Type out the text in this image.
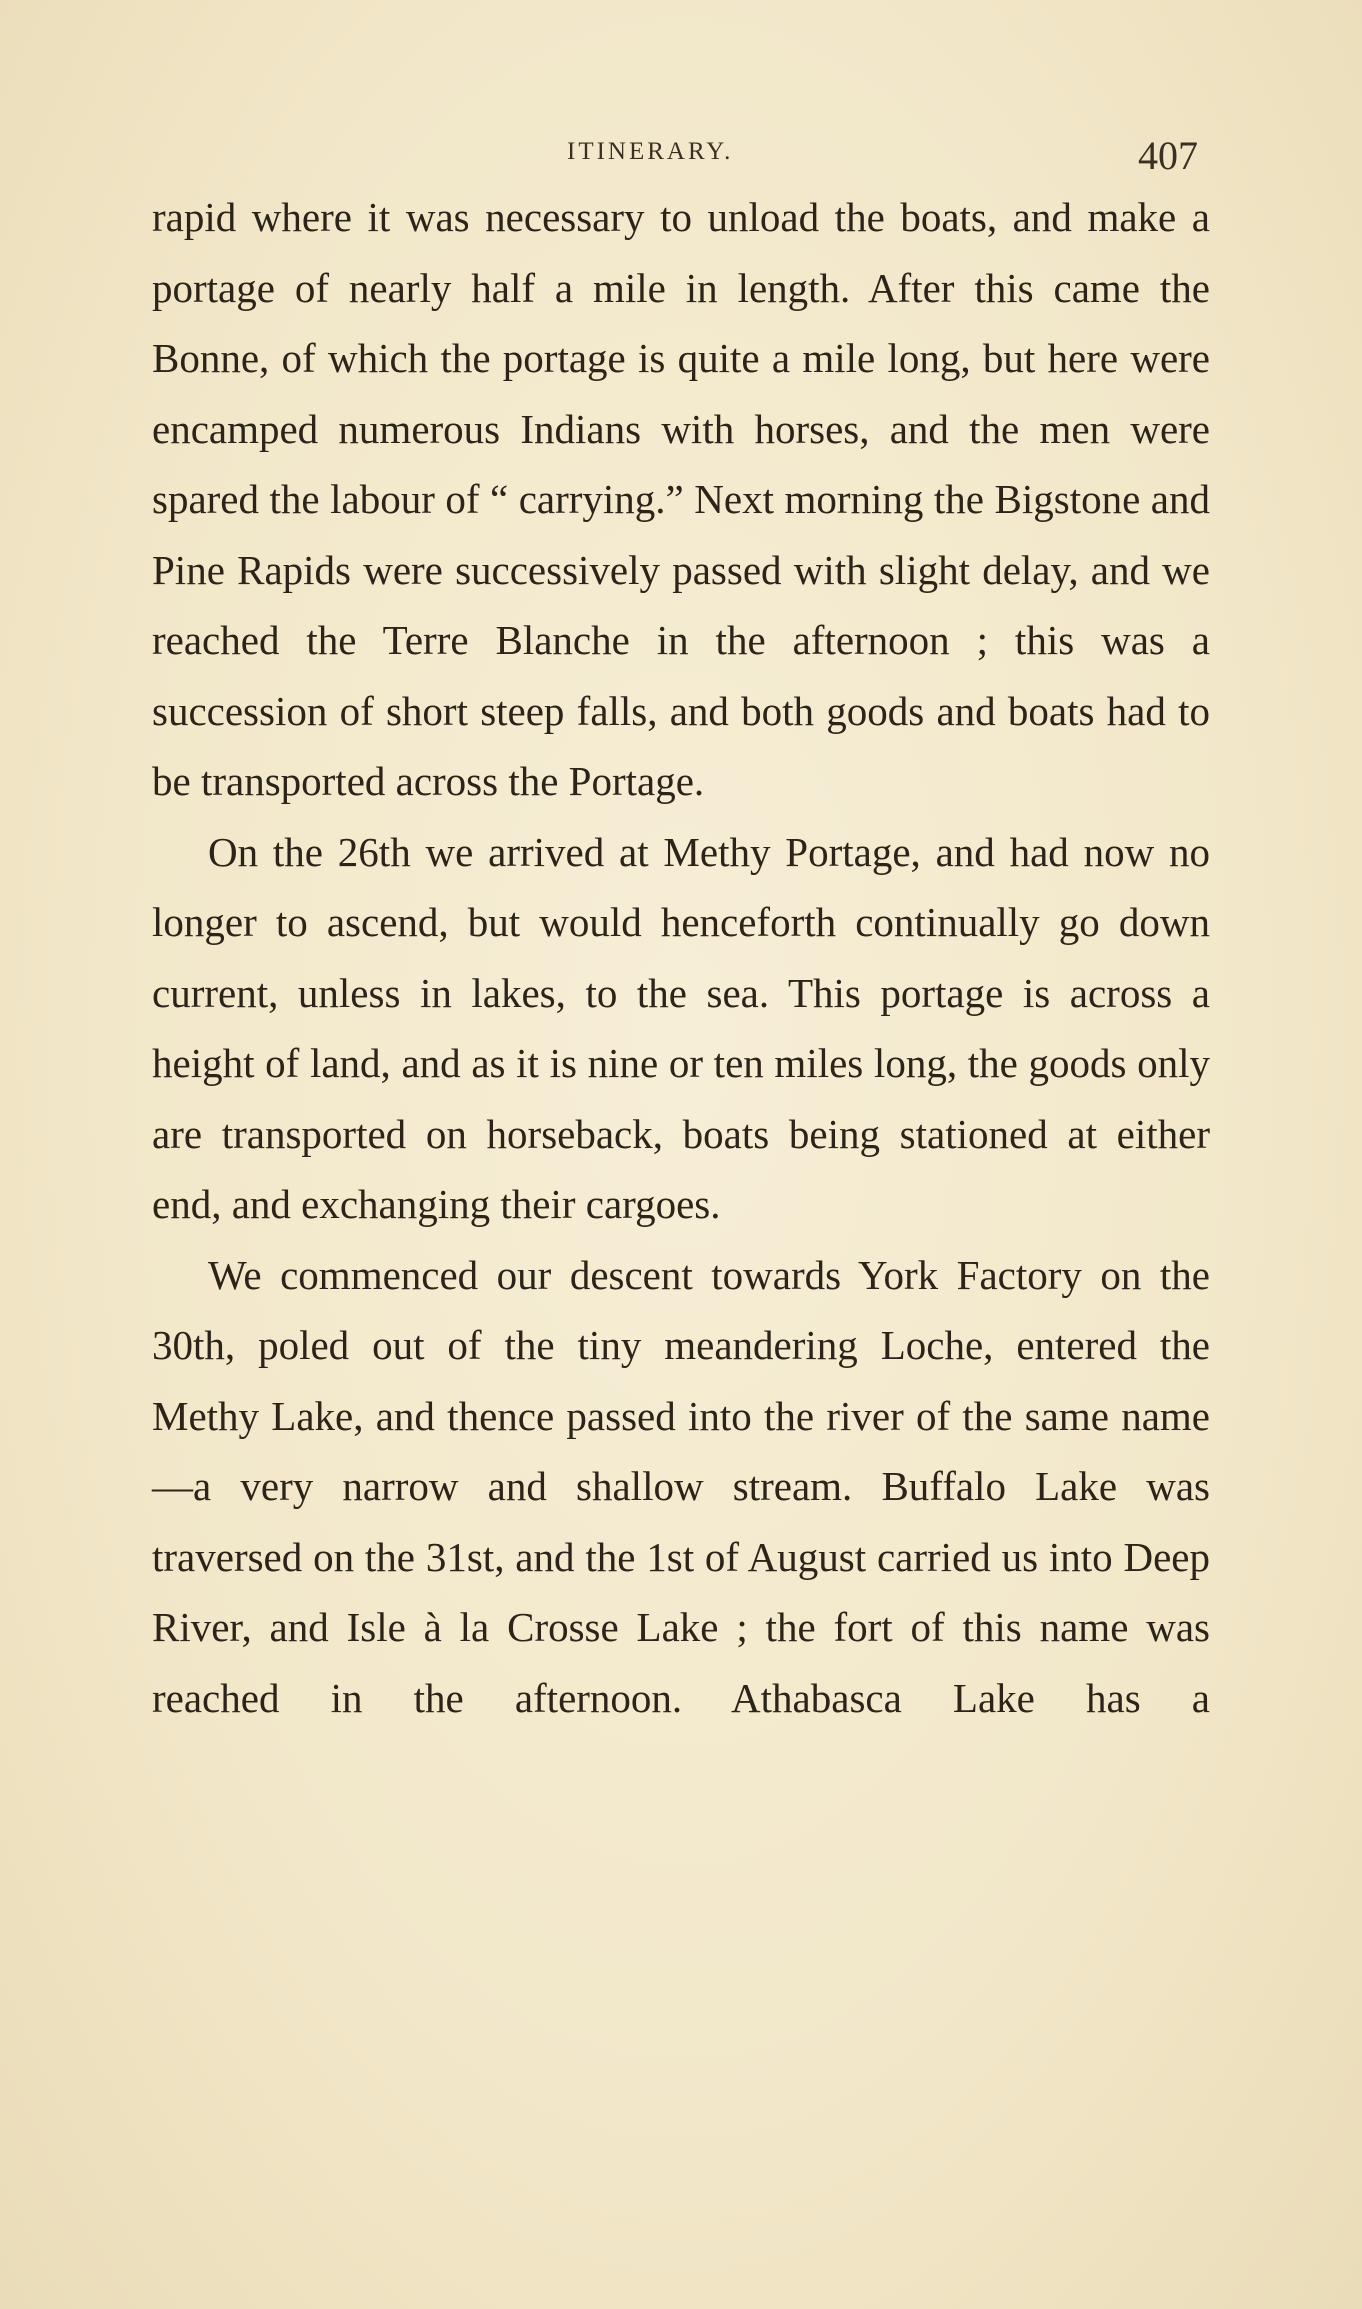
ITINERARY.	407

rapid where it was necessary to unload the boats, and make a portage of nearly half a mile in length. After this came the Bonne, of which the portage is quite a mile long, but here were encamped numerous Indians with horses, and the men were spared the labour of “ carrying.” Next morning the Bigstone and Pine Rapids were successively passed with slight delay, and we reached the Terre Blanche in the afternoon ; this was a succession of short steep falls, and both goods and boats had to be transported across the Portage.

On the 26th we arrived at Methy Portage, and had now no longer to ascend, but would henceforth continually go down current, unless in lakes, to the sea. This portage is across a height of land, and as it is nine or ten miles long, the goods only are transported on horseback, boats being stationed at either end, and exchanging their cargoes.

We commenced our descent towards York Factory on the 30th, poled out of the tiny meandering Loche, entered the Methy Lake, and thence passed into the river of the same name—a very narrow and shallow stream. Buffalo Lake was traversed on the 31st, and the 1st of August carried us into Deep River, and Isle à la Crosse Lake ; the fort of this name was reached in the afternoon. Athabasca Lake has a
